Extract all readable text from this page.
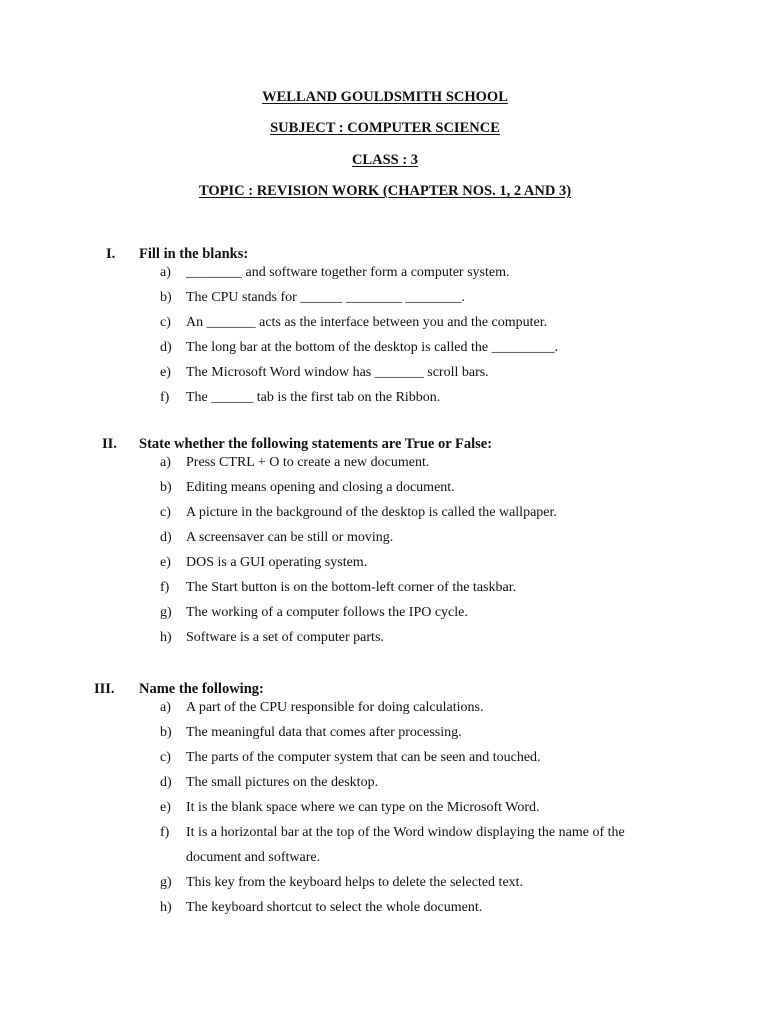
WELLAND GOULDSMITH SCHOOL
SUBJECT : COMPUTER SCIENCE
CLASS : 3
TOPIC : REVISION WORK (CHAPTER NOS. 1, 2 AND 3)
I. Fill in the blanks:
a)	________ and software together form a computer system.
b)	The CPU stands for ______ ________ ________.
c)	An _______ acts as the interface between you and the computer.
d)	The long bar at the bottom of the desktop is called the _________.
e)	The Microsoft Word window has _______ scroll bars.
f)	The ______ tab is the first tab on the Ribbon.
II. State whether the following statements are True or False:
a)	Press CTRL + O to create a new document.
b)	Editing means opening and closing a document.
c)	A picture in the background of the desktop is called the wallpaper.
d)	A screensaver can be still or moving.
e)	DOS is a GUI operating system.
f)	The Start button is on the bottom-left corner of the taskbar.
g)	The working of a computer follows the IPO cycle.
h)	Software is a set of computer parts.
III. Name the following:
a)	A part of the CPU responsible for doing calculations.
b)	The meaningful data that comes after processing.
c)	The parts of the computer system that can be seen and touched.
d)	The small pictures on the desktop.
e)	It is the blank space where we can type on the Microsoft Word.
f)	It is a horizontal bar at the top of the Word window displaying the name of the
document and software.
g)	This key from the keyboard helps to delete the selected text.
h)	The keyboard shortcut to select the whole document.
